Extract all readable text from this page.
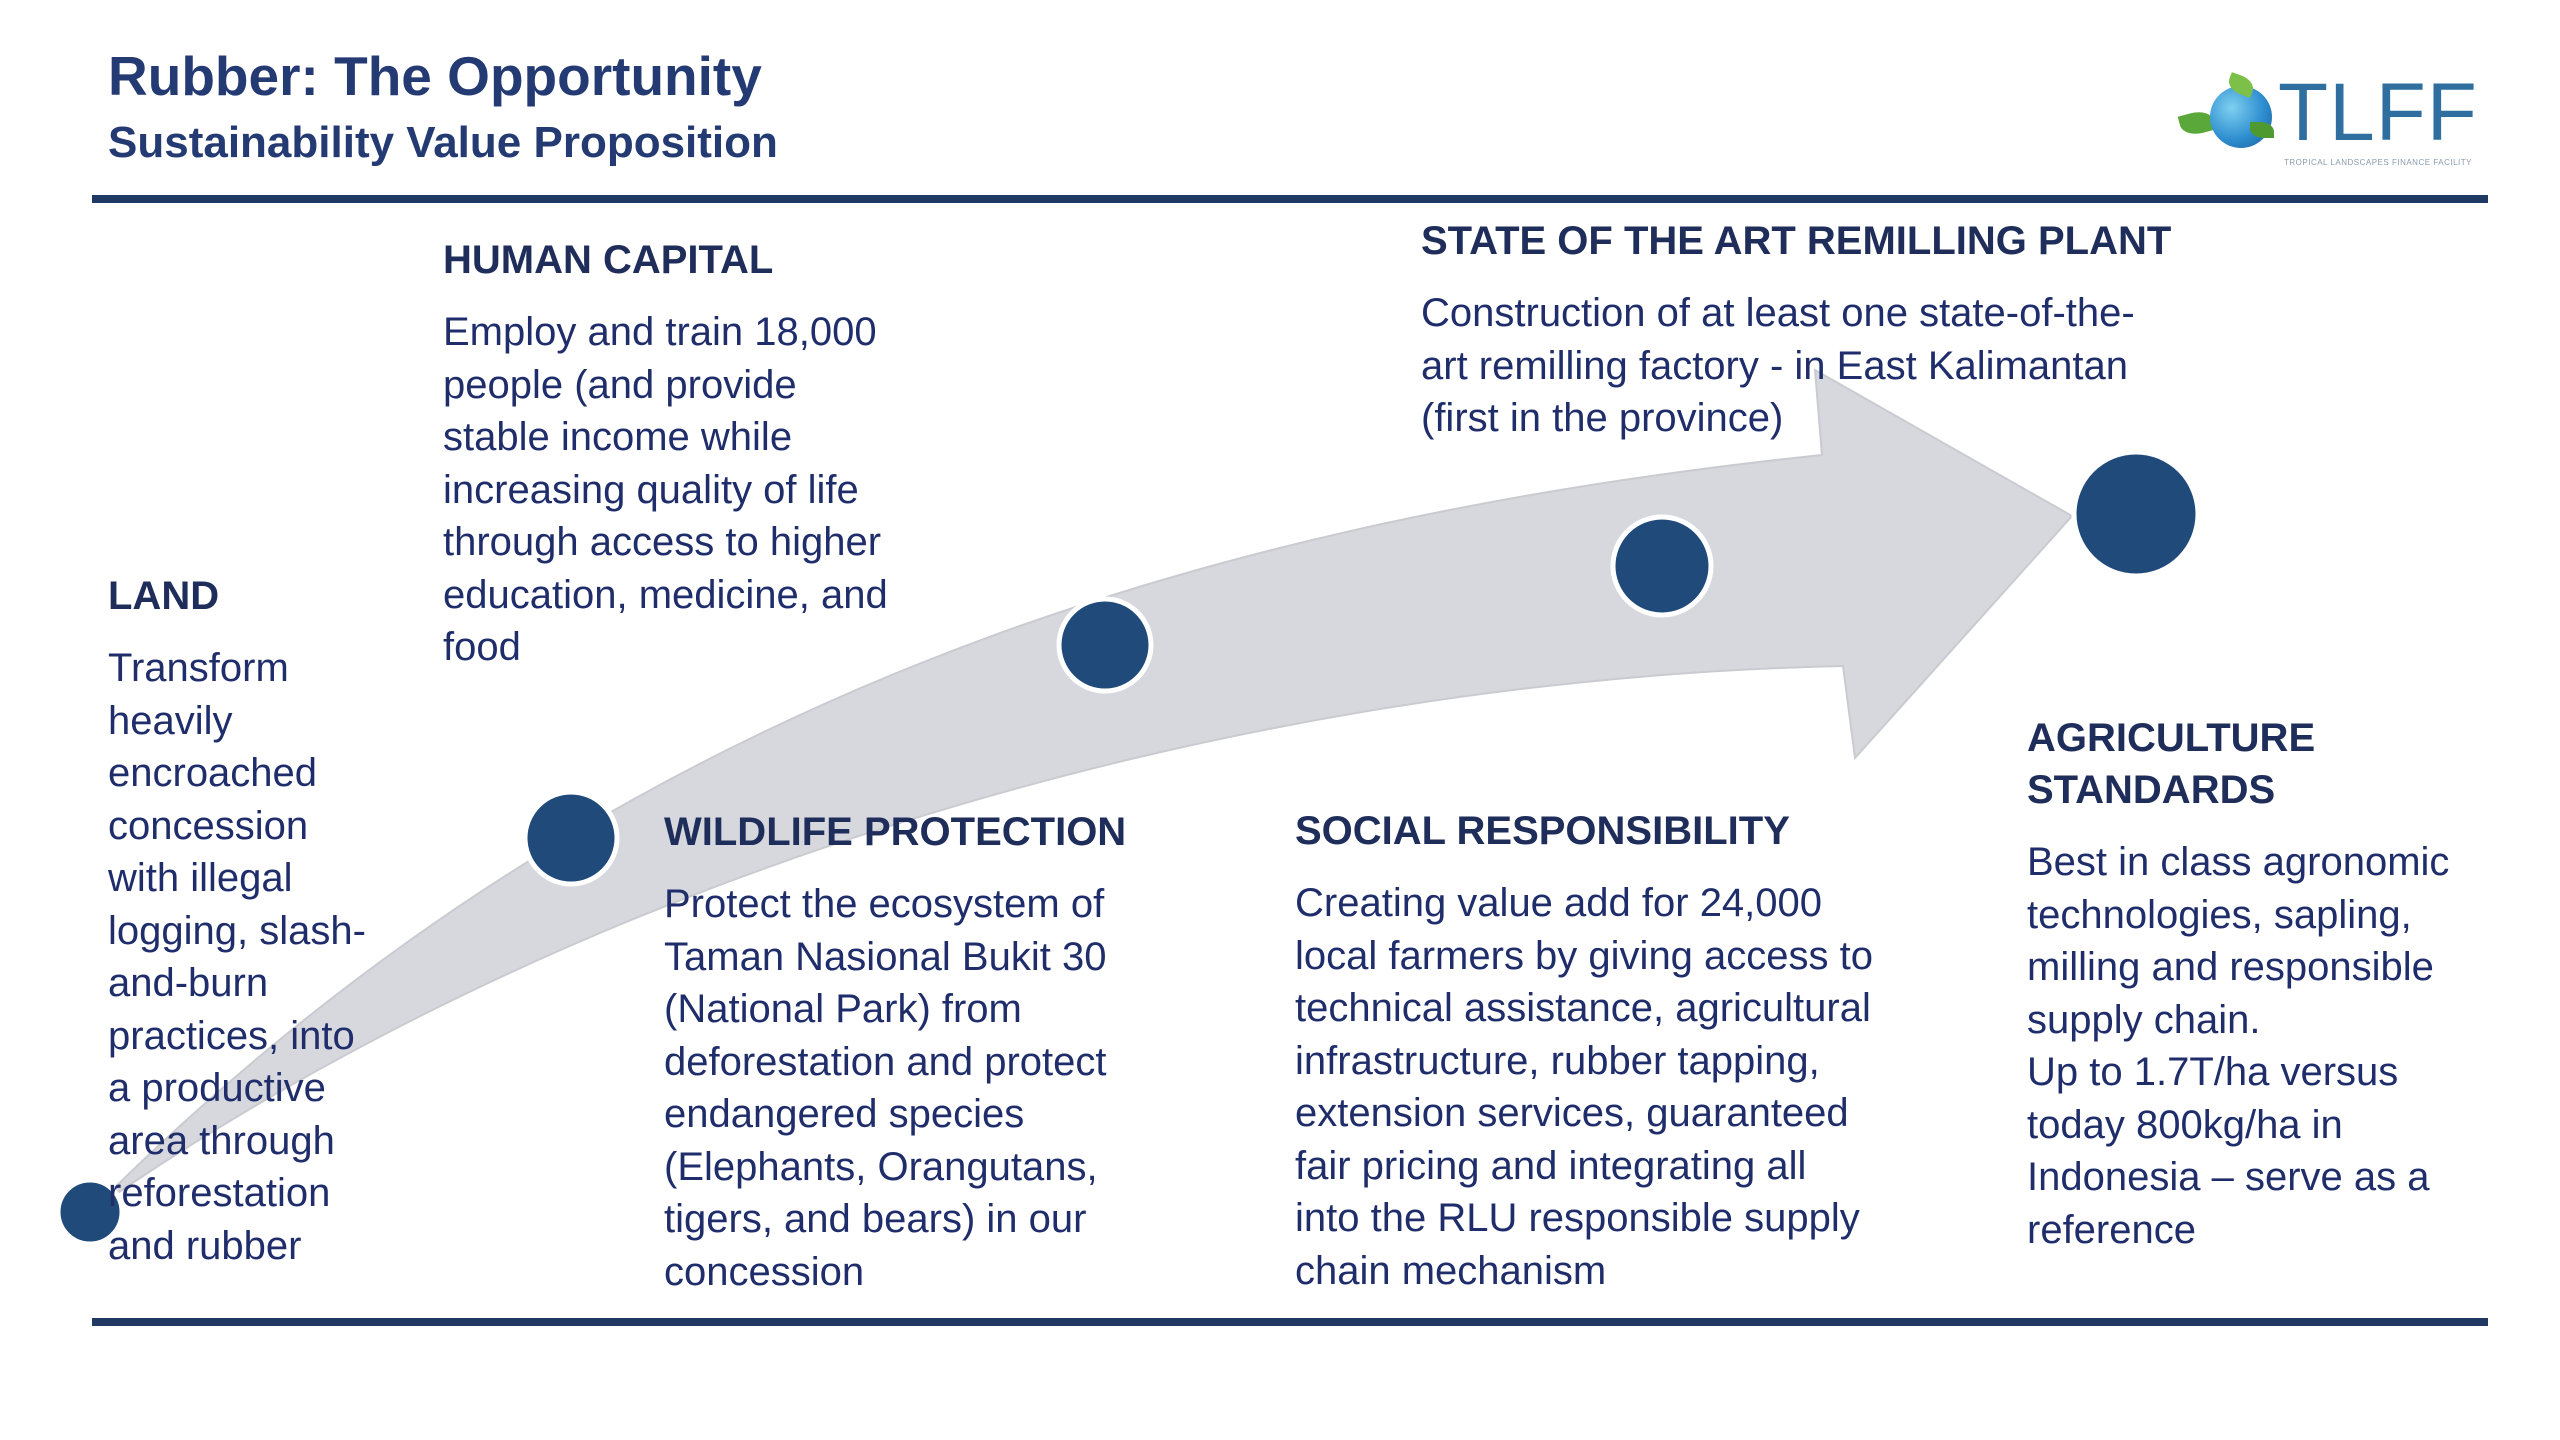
Rubber: The Opportunity
Sustainability Value Proposition	TLFF
TROPICAL LANDSCAPES FINANCE FACILITY
LAND
Transform
heavily
encroached
concession
with illegal
logging, slash-
and-burn
practices, into
a productive
area through
reforestation
and rubber
HUMAN CAPITAL
Employ and train 18,000
people (and provide
stable income while
increasing quality of life
through access to higher
education, medicine, and
food
WILDLIFE PROTECTION
Protect the ecosystem of
Taman Nasional Bukit 30
(National Park) from
deforestation and protect
endangered species
(Elephants, Orangutans,
tigers, and bears) in our
concession
STATE OF THE ART REMILLING PLANT
Construction of at least one state-of-the-
art remilling factory - in East Kalimantan
(first in the province)
SOCIAL RESPONSIBILITY
Creating value add for 24,000
local farmers by giving access to
technical assistance, agricultural
infrastructure, rubber tapping,
extension services, guaranteed
fair pricing and integrating all
into the RLU responsible supply
chain mechanism
AGRICULTURE
STANDARDS
Best in class agronomic
technologies, sapling,
milling and responsible
supply chain.
Up to 1.7T/ha versus
today 800kg/ha in
Indonesia – serve as a
reference
